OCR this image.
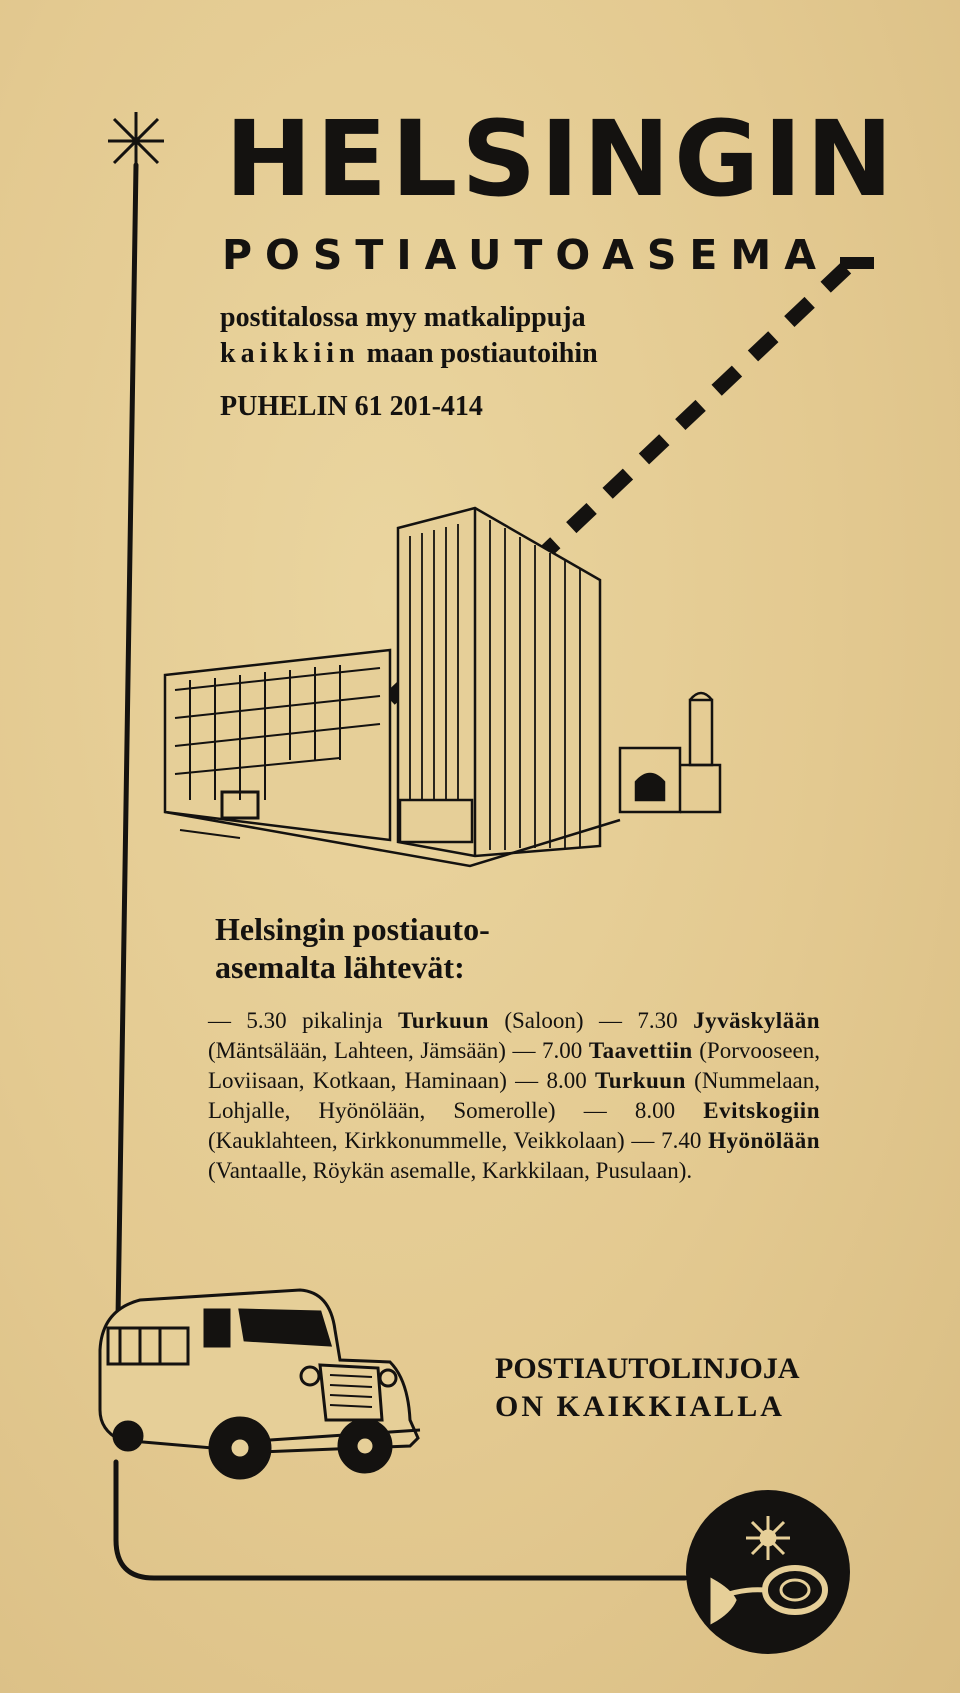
HELSINGIN
POSTIAUTOASEMA
postitalossa myy matkalippuja
kaikkiin maan postiautoihin
PUHELIN 61 201-414
Helsingin postiauto-
asemalta lähtevät:

— 5.30 pikalinja Turkuun (Saloon) — 7.30 Jyväskylään (Mäntsälään, Lahteen, Jämsään) — 7.00 Taavettiin (Porvooseen, Loviisaan, Kotkaan, Haminaan) — 8.00 Turkuun (Nummelaan, Lohjalle, Hyönölään, Somerolle) — 8.00 Evitskogiin (Kauklahteen, Kirkkonummelle, Veikkolaan) — 7.40 Hyönölään (Vantaalle, Röykän asemalle, Karkkilaan, Pusulaan).

POSTIAUTOLINJOJA
ON KAIKKIALLA
